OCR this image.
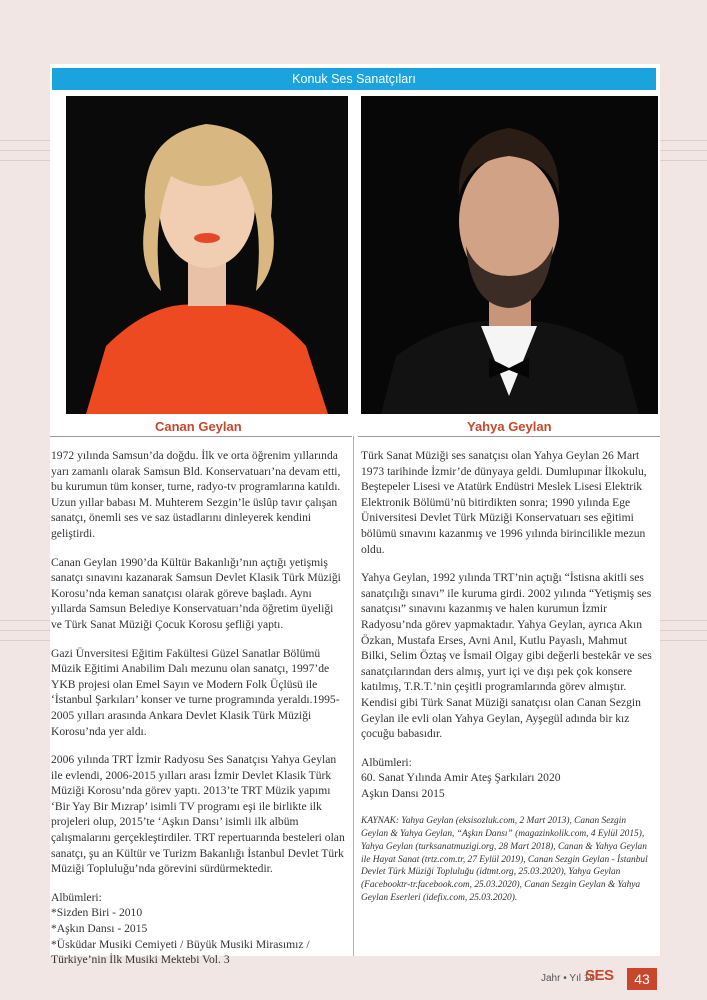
Konuk Ses Sanatçıları
Canan Geylan	Yahya Geylan

1972 yılında Samsun’da doğdu. İlk ve orta öğrenim yıllarında yarı zamanlı olarak Samsun Bld. Konservatuarı’na devam etti, bu kurumun tüm konser, turne, radyo-tv programlarına katıldı. Uzun yıllar babası M. Muhterem Sezgin’le üslûp tavır çalışan sanatçı, önemli ses ve saz üstadlarını dinleyerek kendini geliştirdi.

Canan Geylan 1990’da Kültür Bakanlığı’nın açtığı yetişmiş sanatçı sınavını kazanarak Samsun Devlet Klasik Türk Müziği Korosu’nda keman sanatçısı olarak göreve başladı. Aynı yıllarda Samsun Belediye Konservatuarı’nda öğretim üyeliği ve Türk Sanat Müziği Çocuk Korosu şefliği yaptı.

Gazi Ünversitesi Eğitim Fakültesi Güzel Sanatlar Bölümü Müzik Eğitimi Anabilim Dalı mezunu olan sanatçı, 1997’de YKB projesi olan Emel Sayın ve Modern Folk Üçlüsü ile ‘İstanbul Şarkıları’ konser ve turne programında yeraldı.1995-2005 yılları arasında Ankara Devlet Klasik Türk Müziği Korosu’nda yer aldı.

2006 yılında TRT İzmir Radyosu Ses Sanatçısı Yahya Geylan ile evlendi, 2006-2015 yılları arası İzmir Devlet Klasik Türk Müziği Korosu’nda görev yaptı. 2013’te TRT Müzik yapımı ‘Bir Yay Bir Mızrap’ isimli TV programı eşi ile birlikte ilk projeleri olup, 2015’te ‘Aşkın Dansı’ isimli ilk albüm çalışmalarını gerçekleştirdiler. TRT repertuarında besteleri olan sanatçı, şu an Kültür ve Turizm Bakanlığı İstanbul Devlet Türk Müziği Topluluğu’nda görevini sürdürmektedir.

Albümleri:
*Sizden Biri - 2010
*Aşkın Dansı - 2015
*Üsküdar Musiki Cemiyeti / Büyük Musiki Mirasımız / Türkiye’nin İlk Musiki Mektebi Vol. 3

Türk Sanat Müziği ses sanatçısı olan Yahya Geylan 26 Mart 1973 tarihinde İzmir’de dünyaya geldi. Dumlupınar İlkokulu, Beştepeler Lisesi ve Atatürk Endüstri Meslek Lisesi Elektrik Elektronik Bölümü’nü bitirdikten sonra; 1990 yılında Ege Üniversitesi Devlet Türk Müziği Konservatuarı ses eğitimi bölümü sınavını kazanmış ve 1996 yılında birincilikle mezun oldu.

Yahya Geylan, 1992 yılında TRT’nin açtığı “İstisna akitli ses sanatçılığı sınavı” ile kuruma girdi. 2002 yılında “Yetişmiş ses sanatçısı” sınavını kazanmış ve halen kurumun İzmir Radyosu’nda görev yapmaktadır. Yahya Geylan, ayrıca Akın Özkan, Mustafa Erses, Avni Anıl, Kutlu Payaslı, Mahmut Bilki, Selim Öztaş ve İsmail Olgay gibi değerli bestekâr ve ses sanatçılarından ders almış, yurt içi ve dışı pek çok konsere katılmış, T.R.T.’nin çeşitli programlarında görev almıştır. Kendisi gibi Türk Sanat Müziği sanatçısı olan Canan Sezgin Geylan ile evli olan Yahya Geylan, Ayşegül adında bir kız çocuğu babasıdır.

Albümleri:
60. Sanat Yılında Amir Ateş Şarkıları 2020
Aşkın Dansı 2015

KAYNAK: Yahya Geylan (eksisozluk.com, 2 Mart 2013), Canan Sezgin Geylan & Yahya Geylan, “Aşkın Dansı” (magazinkolik.com, 4 Eylül 2015), Yahya Geylan (turksanatmuzigi.org, 28 Mart 2018), Canan & Yahya Geylan ile Hayat Sanat (trtz.com.tr, 27 Eylül 2019), Canan Sezgin Geylan - İstanbul Devlet Türk Müziği Topluluğu (idtmt.org, 25.03.2020), Yahya Geylan (Facebooktr-tr.facebook.com, 25.03.2020), Canan Sezgin Geylan & Yahya Geylan Eserleri (idefix.com, 25.03.2020).
Jahr • Yıl 19
SES	43
